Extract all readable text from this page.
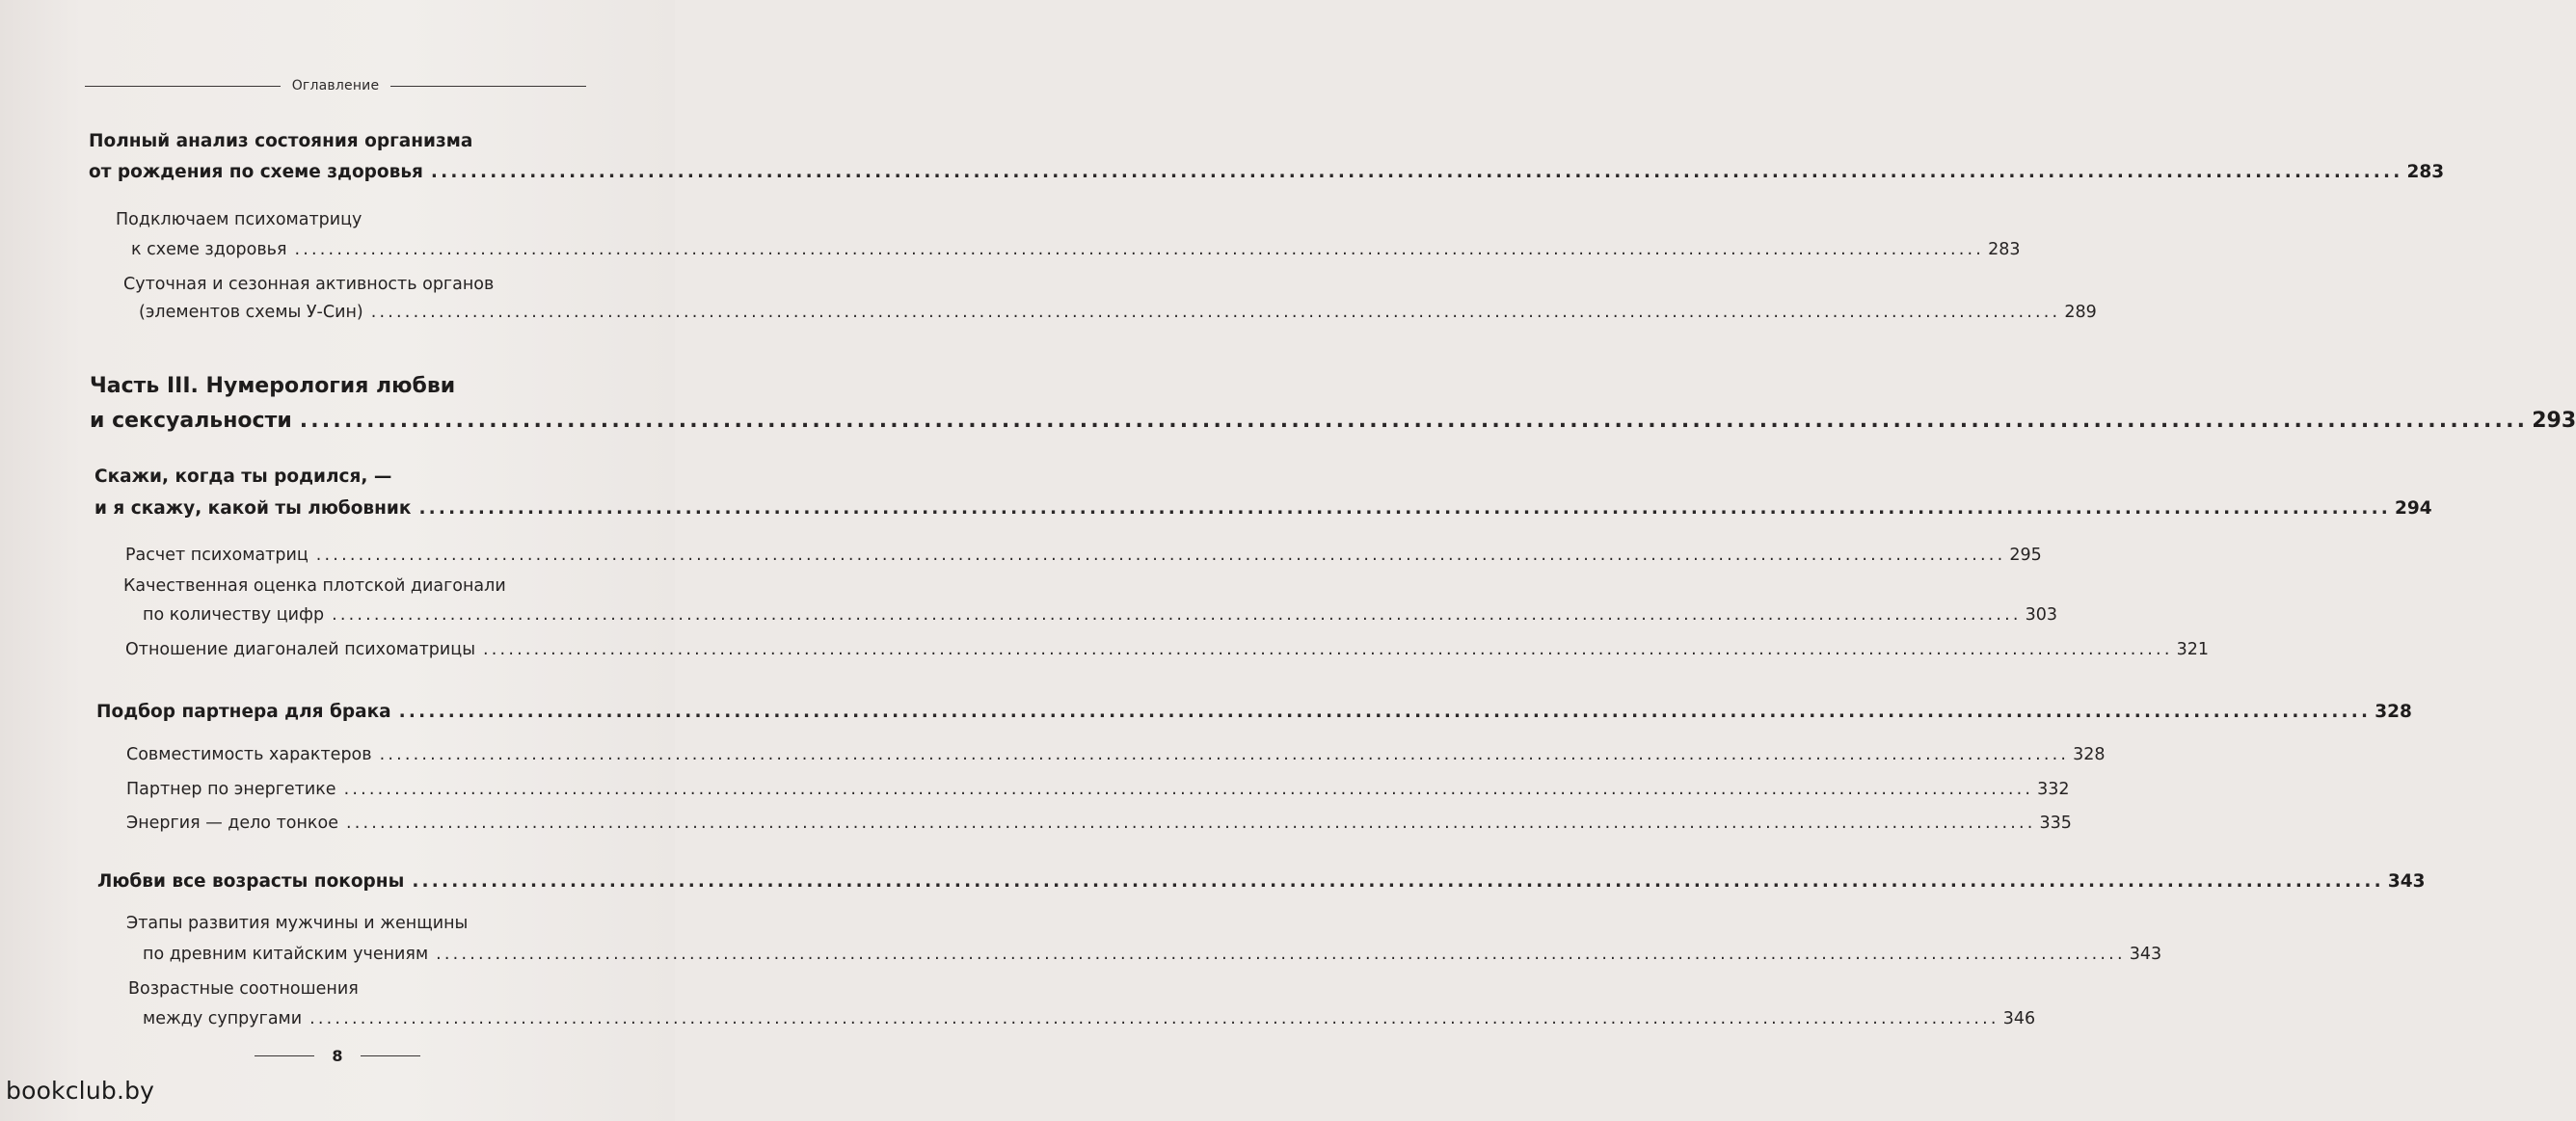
Оглавление
Полный анализ состояния организма
от рождения по схеме здоровья ........................................................................................................................................................................................................ 283
Подключаем психоматрицу
к схеме здоровья ........................................................................................................................................................................................................ 283
Суточная и сезонная активность органов
(элементов схемы У-Син) ........................................................................................................................................................................................................ 289
Часть III. Нумерология любви
и сексуальности ........................................................................................................................................................................................................ 293
Скажи, когда ты родился, —
и я скажу, какой ты любовник ........................................................................................................................................................................................................ 294
Расчет психоматриц ........................................................................................................................................................................................................ 295
Качественная оценка плотской диагонали
по количеству цифр ........................................................................................................................................................................................................ 303
Отношение диагоналей психоматрицы ........................................................................................................................................................................................................ 321
Подбор партнера для брака ........................................................................................................................................................................................................ 328
Совместимость характеров ........................................................................................................................................................................................................ 328
Партнер по энергетике ........................................................................................................................................................................................................ 332
Энергия — дело тонкое ........................................................................................................................................................................................................ 335
Любви все возрасты покорны ........................................................................................................................................................................................................ 343
Этапы развития мужчины и женщины
по древним китайским учениям ........................................................................................................................................................................................................ 343
Возрастные соотношения
между супругами ........................................................................................................................................................................................................ 346
8
bookclub.by
